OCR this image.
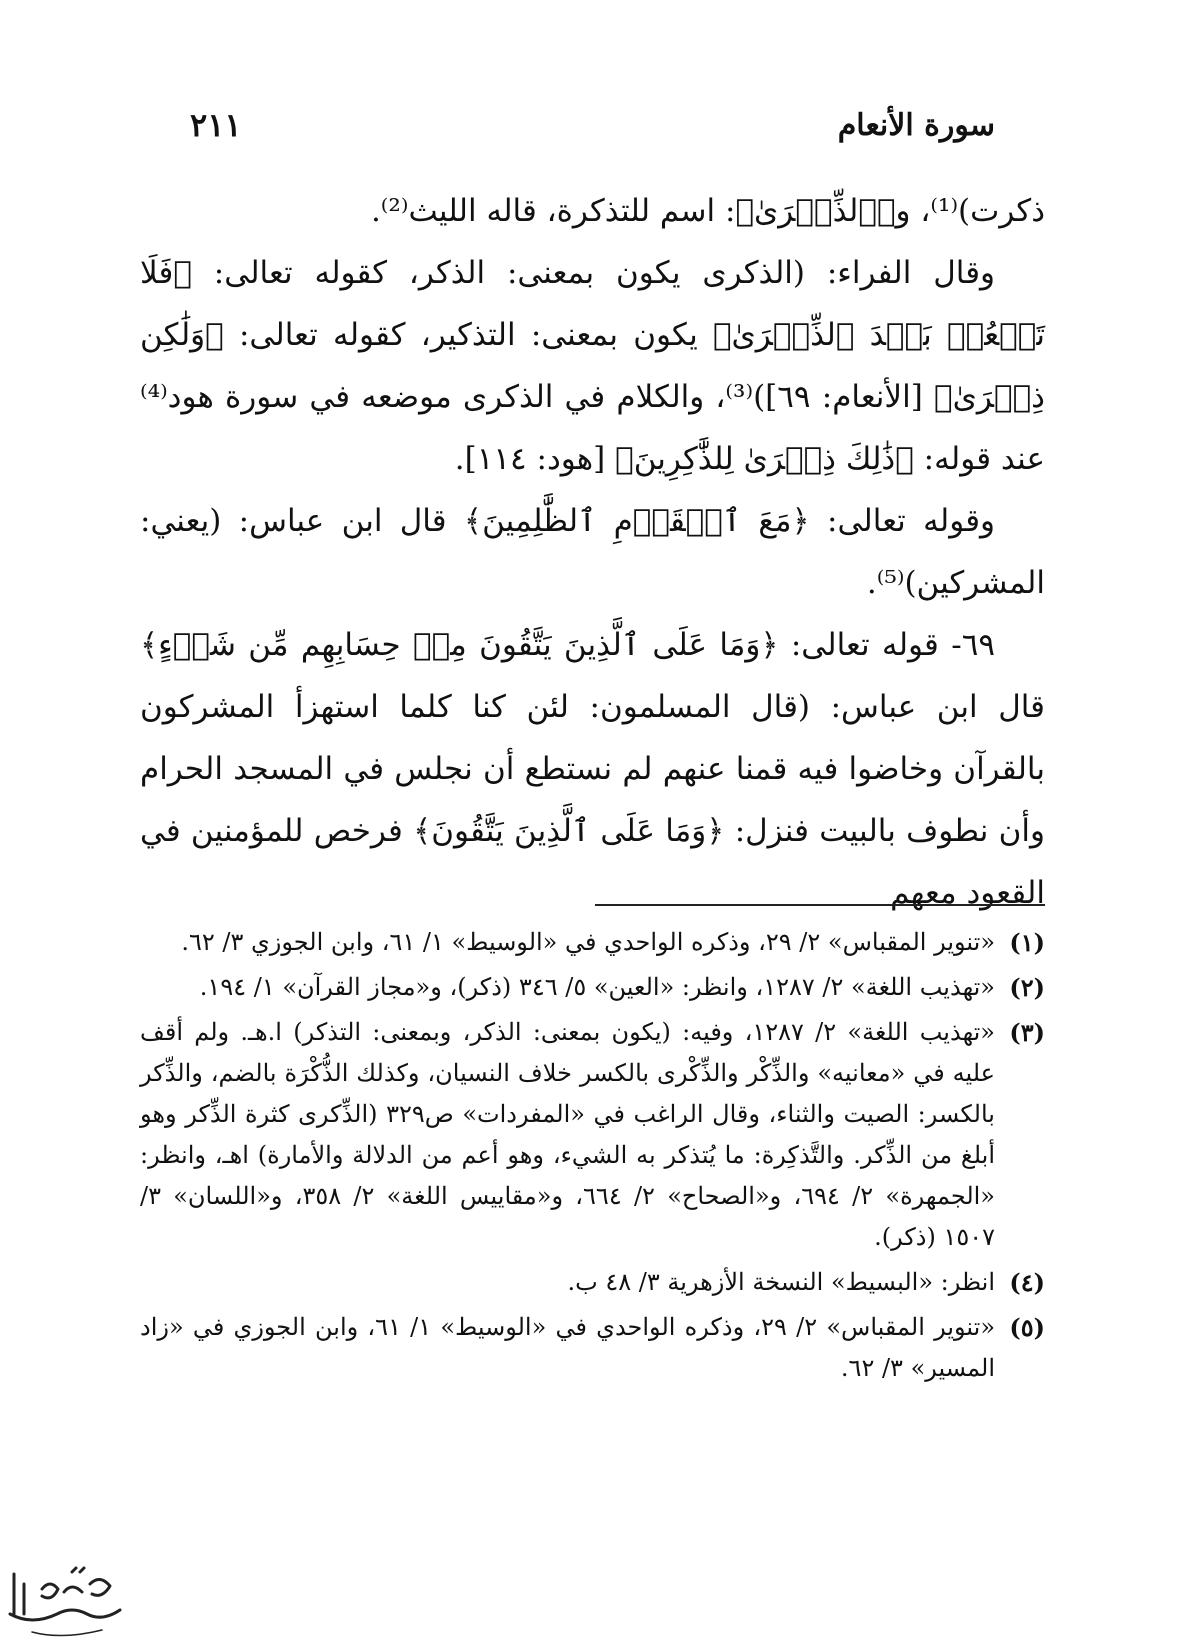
٢١١	سورة الأنعام

ذكرت)⁽¹⁾، و﴿ٱلذِّكۡرَىٰ﴾: اسم للتذكرة، قاله الليث⁽²⁾.

وقال الفراء: (الذكرى يكون بمعنى: الذكر، كقوله تعالى: ﴿فَلَا تَقۡعُدۡ بَعۡدَ ٱلذِّكۡرَىٰ﴾ يكون بمعنى: التذكير، كقوله تعالى: ﴿وَلَٰكِن ذِكۡرَىٰ﴾ [الأنعام: ٦٩])⁽³⁾، والكلام في الذكرى موضعه في سورة هود⁽⁴⁾ عند قوله: ﴿ذَٰلِكَ ذِكۡرَىٰ لِلذَّٰكِرِينَ﴾ [هود: ١١٤].

وقوله تعالى: ﴿مَعَ ٱلۡقَوۡمِ ٱلظَّٰلِمِينَ﴾ قال ابن عباس: (يعني: المشركين)⁽⁵⁾.

٦٩- قوله تعالى: ﴿وَمَا عَلَى ٱلَّذِينَ يَتَّقُونَ مِنۡ حِسَابِهِم مِّن شَيۡءٍ﴾ قال ابن عباس: (قال المسلمون: لئن كنا كلما استهزأ المشركون بالقرآن وخاضوا فيه قمنا عنهم لم نستطع أن نجلس في المسجد الحرام وأن نطوف بالبيت فنزل: ﴿وَمَا عَلَى ٱلَّذِينَ يَتَّقُونَ﴾ فرخص للمؤمنين في القعود معهم

(١)
«تنوير المقباس» ٢/ ٢٩، وذكره الواحدي في «الوسيط» ١/ ٦١، وابن الجوزي ٣/ ٦٢.
(٢)
«تهذيب اللغة» ٢/ ١٢٨٧، وانظر: «العين» ٥/ ٣٤٦ (ذكر)، و«مجاز القرآن» ١/ ١٩٤.
(٣)
«تهذيب اللغة» ٢/ ١٢٨٧، وفيه: (يكون بمعنى: الذكر، وبمعنى: التذكر) ا.هـ. ولم أقف عليه في «معانيه» والذِّكْر والذِّكْرى بالكسر خلاف النسيان، وكذلك الذُّكْرَة بالضم، والذِّكر بالكسر: الصيت والثناء، وقال الراغب في «المفردات» ص٣٢٩ (الذِّكرى كثرة الذِّكر وهو أبلغ من الذِّكر. والتَّذكِرة: ما يُتذكر به الشيء، وهو أعم من الدلالة والأمارة) اهـ، وانظر: «الجمهرة» ٢/ ٦٩٤، و«الصحاح» ٢/ ٦٦٤، و«مقاييس اللغة» ٢/ ٣٥٨، و«اللسان» ٣/ ١٥٠٧ (ذكر).
(٤)
انظر: «البسيط» النسخة الأزهرية ٣/ ٤٨ ب.
(٥)
«تنوير المقباس» ٢/ ٢٩، وذكره الواحدي في «الوسيط» ١/ ٦١، وابن الجوزي في «زاد المسير» ٣/ ٦٢.
